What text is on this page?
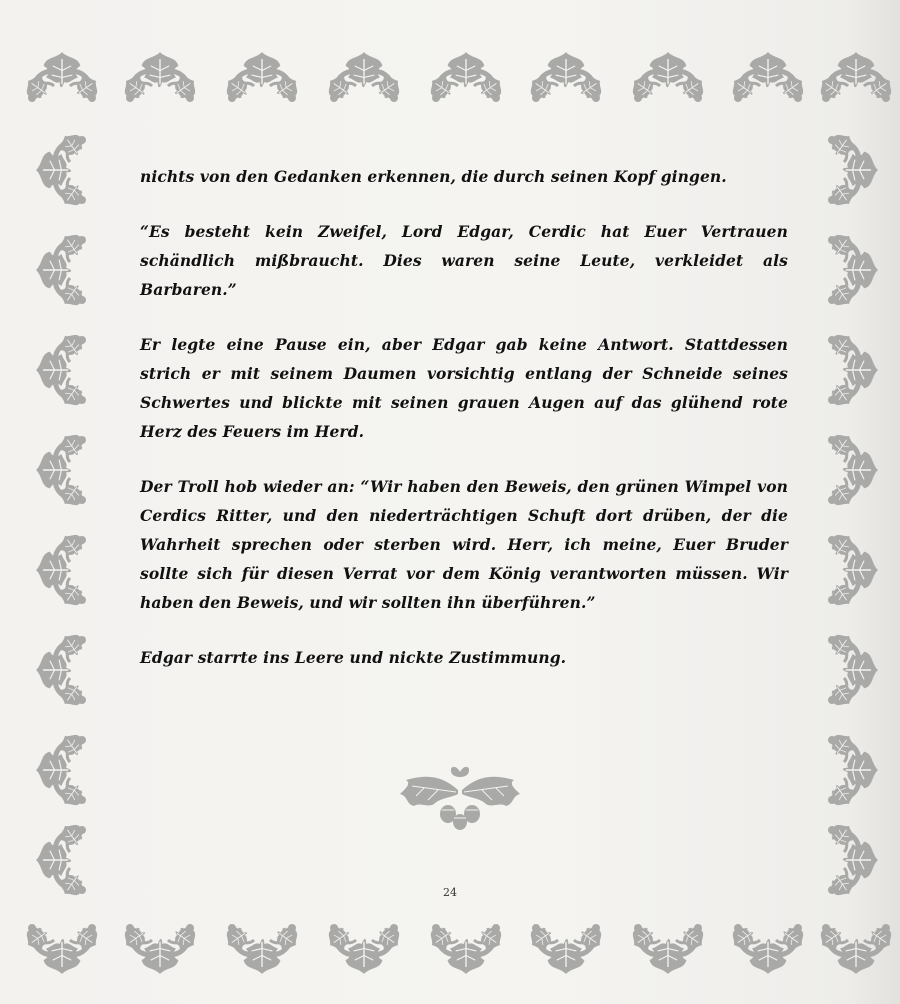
nichts von den Gedanken erkennen, die durch seinen Kopf gingen.

“Es besteht kein Zweifel, Lord Edgar, Cerdic hat Euer Vertrauen schändlich mißbraucht. Dies waren seine Leute, verkleidet als Barbaren.”

Er legte eine Pause ein, aber Edgar gab keine Antwort. Stattdessen strich er mit seinem Daumen vorsichtig entlang der Schneide seines Schwertes und blickte mit seinen grauen Augen auf das glühend rote Herz des Feuers im Herd.

Der Troll hob wieder an: “Wir haben den Beweis, den grünen Wimpel von Cerdics Ritter, und den niederträchtigen Schuft dort drüben, der die Wahrheit sprechen oder sterben wird. Herr, ich meine, Euer Bruder sollte sich für diesen Verrat vor dem König verantworten müssen. Wir haben den Beweis, und wir sollten ihn überführen.”

Edgar starrte ins Leere und nickte Zustimmung.

24
